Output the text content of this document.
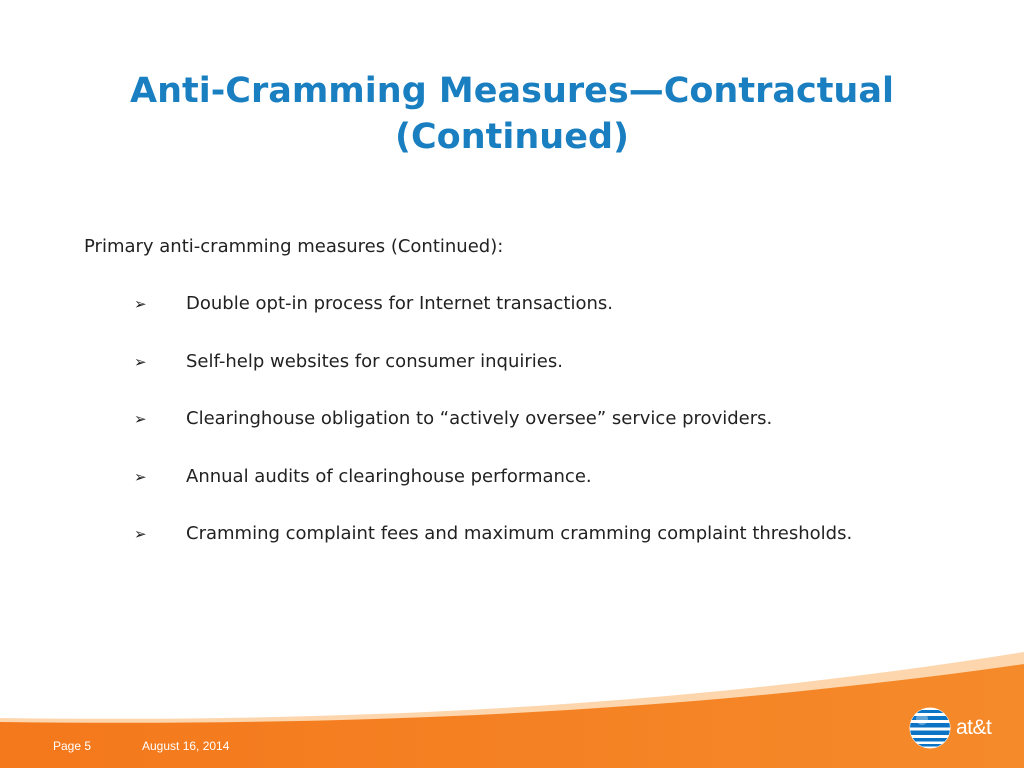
Anti-Cramming Measures—Contractual
(Continued)
Primary anti-cramming measures (Continued):
➢ Double opt-in process for Internet transactions.
➢ Self-help websites for consumer inquiries.
➢ Clearinghouse obligation to “actively oversee” service providers.
➢ Annual audits of clearinghouse performance.
➢ Cramming complaint fees and maximum cramming complaint thresholds.
Page 5	August 16, 2014
at&t
